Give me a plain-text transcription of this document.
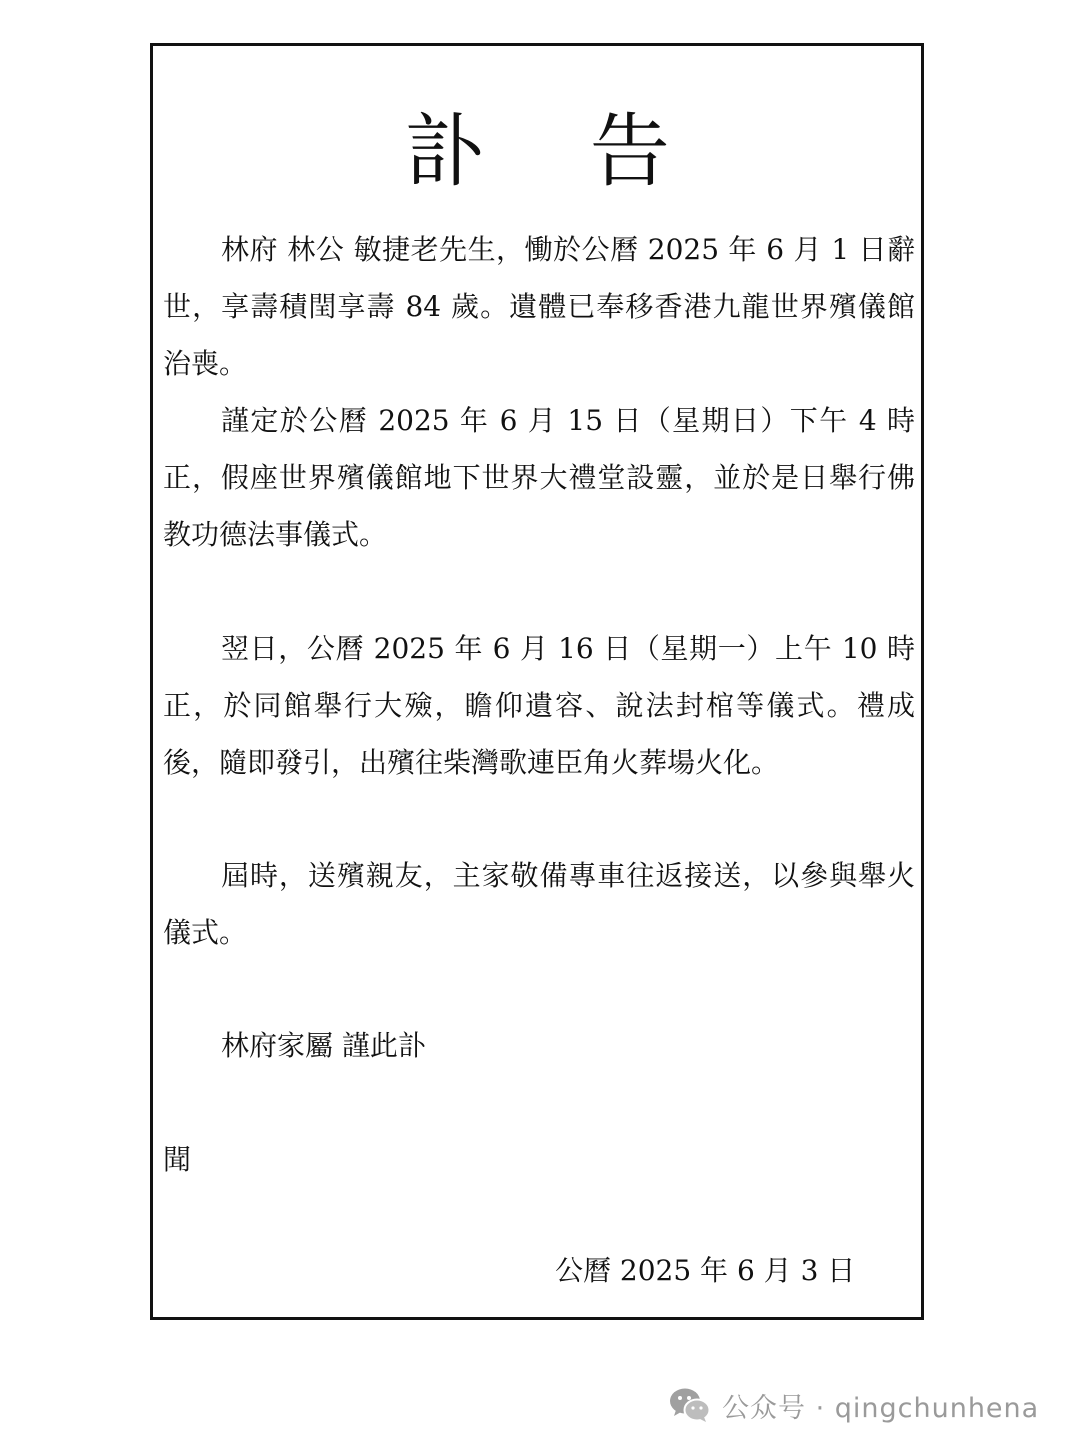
訃 告

林府 林公 敏捷老先生，慟於公曆 2025 年 6 月 1 日辭世，享壽積閏享壽 84 歲。遺體已奉移香港九龍世界殯儀館治喪。

謹定於公曆 2025 年 6 月 15 日（星期日）下午 4 時正，假座世界殯儀館地下世界大禮堂設靈，並於是日舉行佛教功德法事儀式。

翌日，公曆 2025 年 6 月 16 日（星期一）上午 10 時正，於同館舉行大殮，瞻仰遺容、說法封棺等儀式。禮成後，隨即發引，出殯往柴灣歌連臣角火葬場火化。

屆時，送殯親友，主家敬備專車往返接送，以參與舉火儀式。

林府家屬 謹此訃

聞

公曆 2025 年 6 月 3 日

公众号 · qingchunhena
